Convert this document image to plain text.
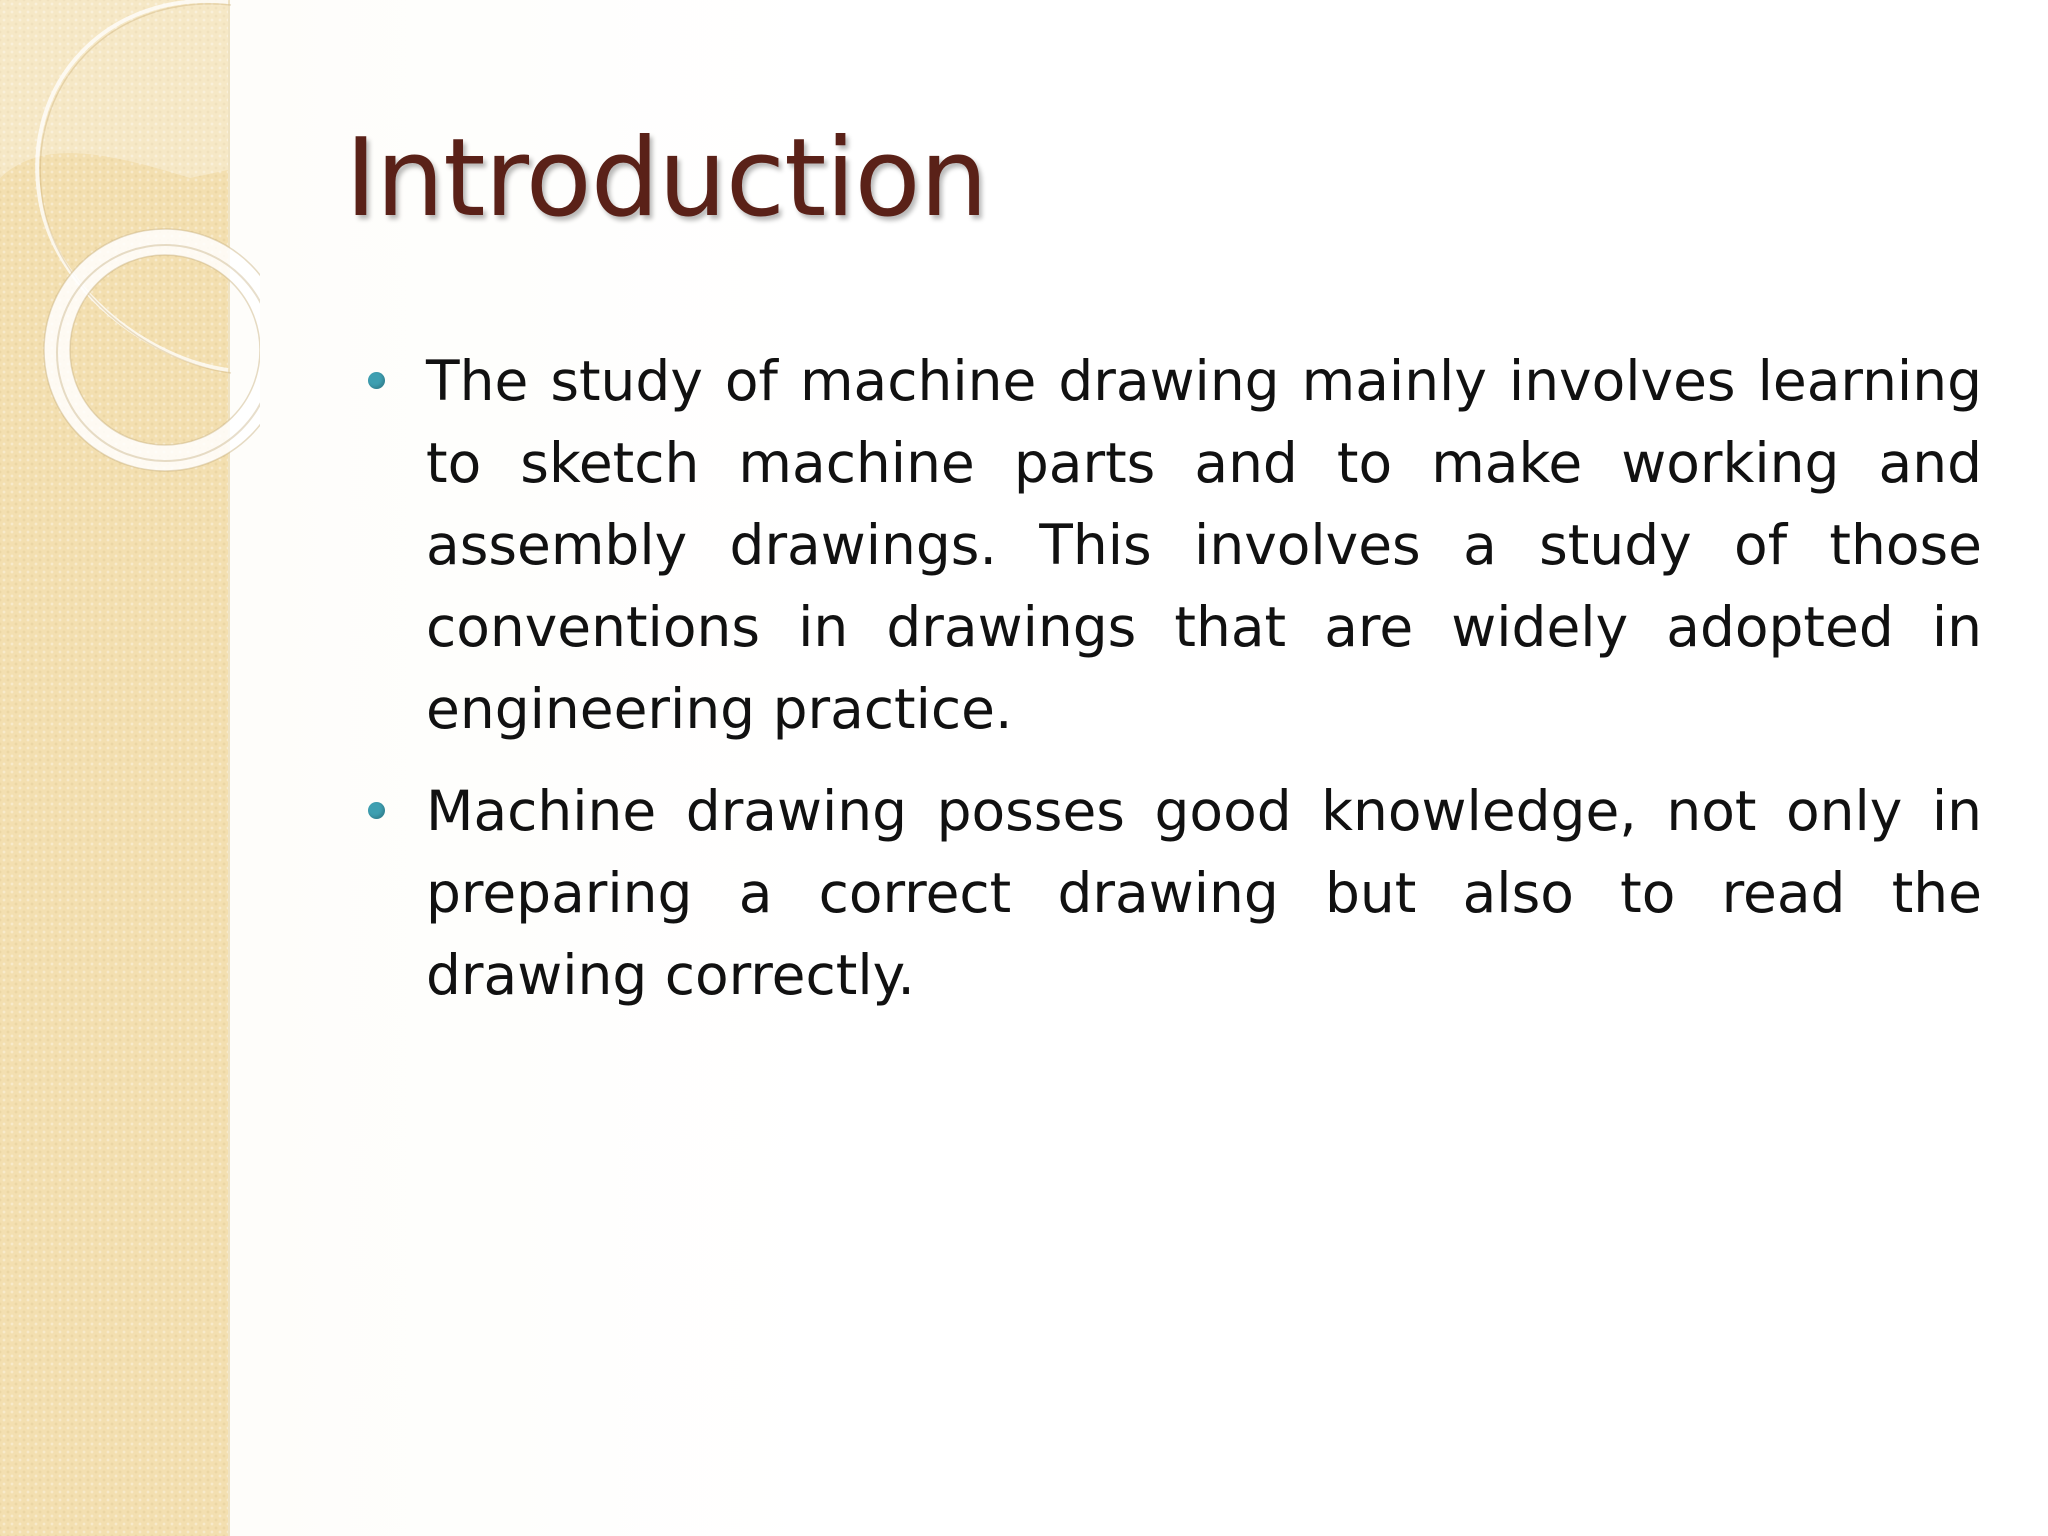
Introduction
The study of machine drawing mainly involves learning to sketch machine parts and to make working and assembly drawings. This involves a study of those conventions in drawings that are widely adopted in engineering practice.
Machine drawing posses good knowledge, not only in preparing a correct drawing but also to read the drawing correctly.
